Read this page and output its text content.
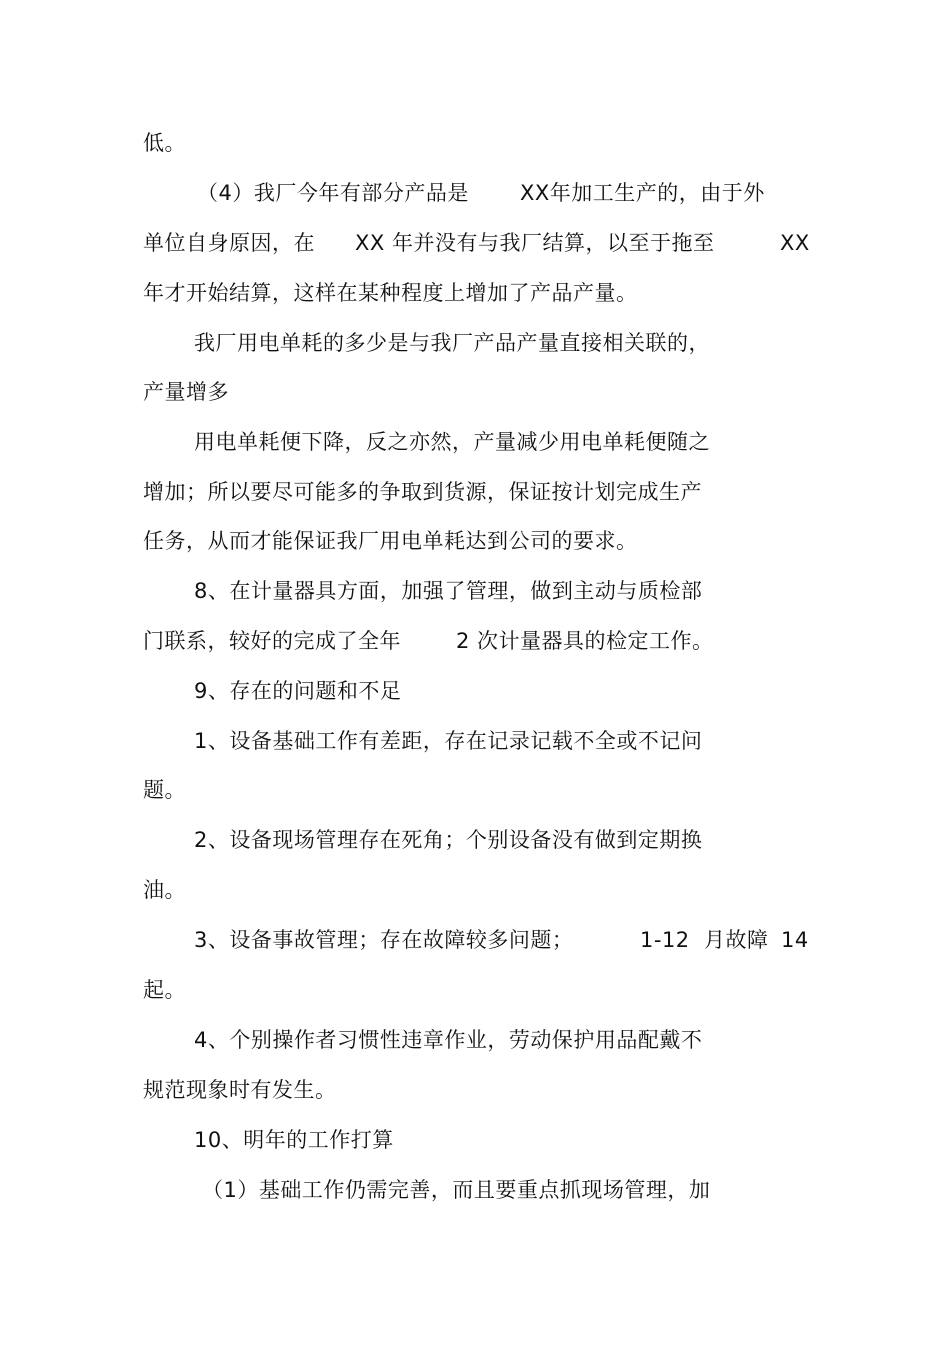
低。
（4）我厂今年有部分产品是 XX年加工生产的，由于外
单位自身原因，在 XX 年并没有与我厂结算，以至于拖至	XX
年才开始结算，这样在某种程度上增加了产品产量。
我厂用电单耗的多少是与我厂产品产量直接相关联的，
产量增多
用电单耗便下降，反之亦然，产量减少用电单耗便随之
增加；所以要尽可能多的争取到货源，保证按计划完成生产
任务，从而才能保证我厂用电单耗达到公司的要求。
8、在计量器具方面，加强了管理，做到主动与质检部
门联系，较好的完成了全年	2 次计量器具的检定工作。
9、存在的问题和不足
1、设备基础工作有差距，存在记录记载不全或不记问
题。
2、设备现场管理存在死角；个别设备没有做到定期换
油。
3、设备事故管理；存在故障较多问题；	1-12  月故障 14
起。
4、个别操作者习惯性违章作业，劳动保护用品配戴不
规范现象时有发生。
10、明年的工作打算
（1）基础工作仍需完善，而且要重点抓现场管理，加
